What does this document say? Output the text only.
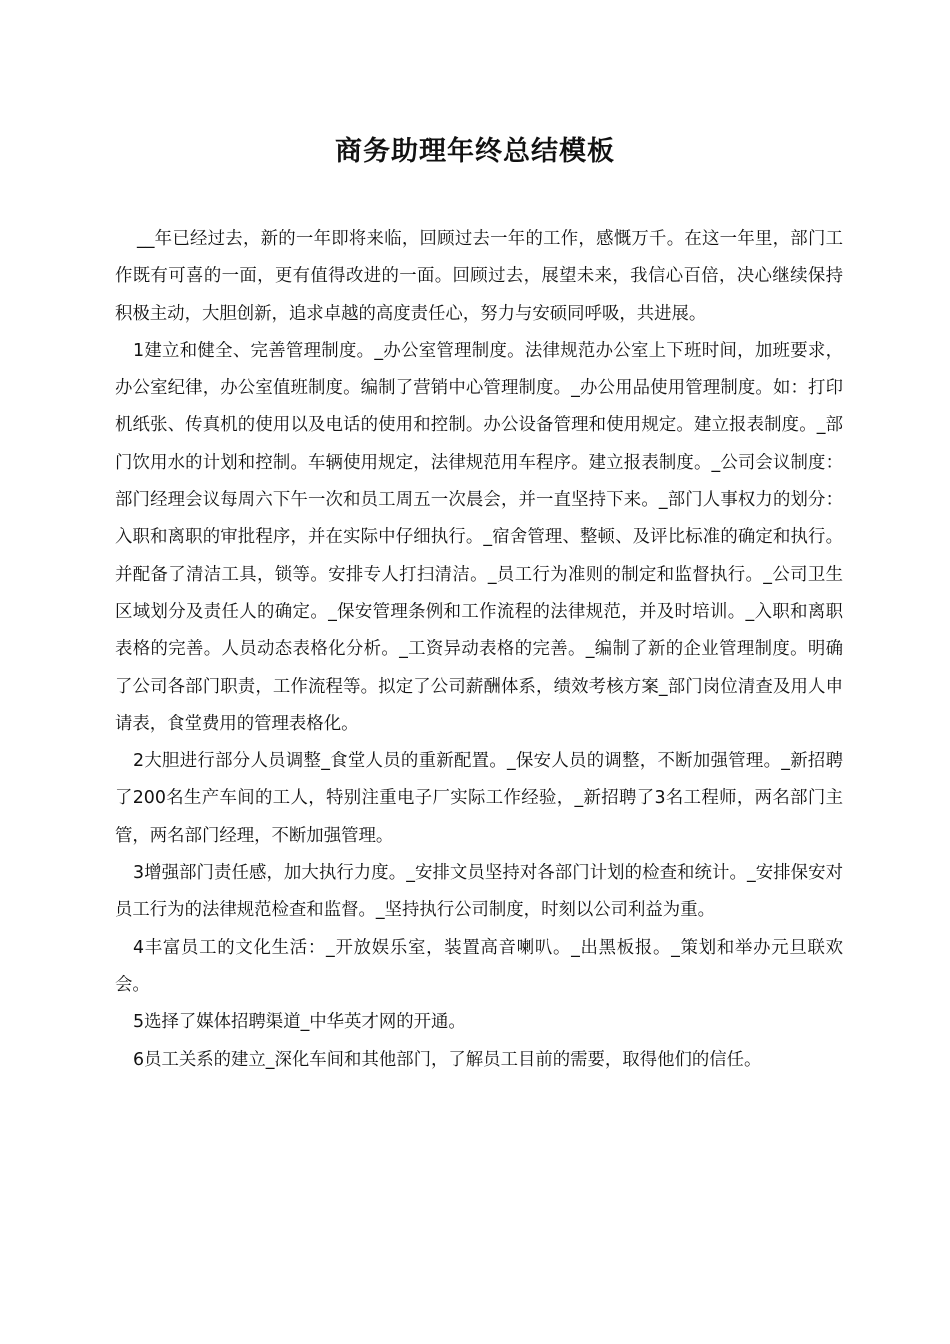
商务助理年终总结模板

__年已经过去，新的一年即将来临，回顾过去一年的工作，感慨万千。在这一年里，部门工作既有可喜的一面，更有值得改进的一面。回顾过去，展望未来，我信心百倍，决心继续保持积极主动，大胆创新，追求卓越的高度责任心，努力与安硕同呼吸，共进展。

1建立和健全、完善管理制度。_办公室管理制度。法律规范办公室上下班时间，加班要求，办公室纪律，办公室值班制度。编制了营销中心管理制度。_办公用品使用管理制度。如：打印机纸张、传真机的使用以及电话的使用和控制。办公设备管理和使用规定。建立报表制度。_部门饮用水的计划和控制。车辆使用规定，法律规范用车程序。建立报表制度。_公司会议制度：部门经理会议每周六下午一次和员工周五一次晨会，并一直坚持下来。_部门人事权力的划分：入职和离职的审批程序，并在实际中仔细执行。_宿舍管理、整顿、及评比标准的确定和执行。并配备了清洁工具，锁等。安排专人打扫清洁。_员工行为准则的制定和监督执行。_公司卫生区域划分及责任人的确定。_保安管理条例和工作流程的法律规范，并及时培训。_入职和离职表格的完善。人员动态表格化分析。_工资异动表格的完善。_编制了新的企业管理制度。明确了公司各部门职责，工作流程等。拟定了公司薪酬体系，绩效考核方案_部门岗位清查及用人申请表，食堂费用的管理表格化。

2大胆进行部分人员调整_食堂人员的重新配置。_保安人员的调整，不断加强管理。_新招聘了200名生产车间的工人，特别注重电子厂实际工作经验，_新招聘了3名工程师，两名部门主管，两名部门经理，不断加强管理。

3增强部门责任感，加大执行力度。_安排文员坚持对各部门计划的检查和统计。_安排保安对员工行为的法律规范检查和监督。_坚持执行公司制度，时刻以公司利益为重。

4丰富员工的文化生活：_开放娱乐室，装置高音喇叭。_出黑板报。_策划和举办元旦联欢会。

5选择了媒体招聘渠道_中华英才网的开通。

6员工关系的建立_深化车间和其他部门，了解员工目前的需要，取得他们的信任。
